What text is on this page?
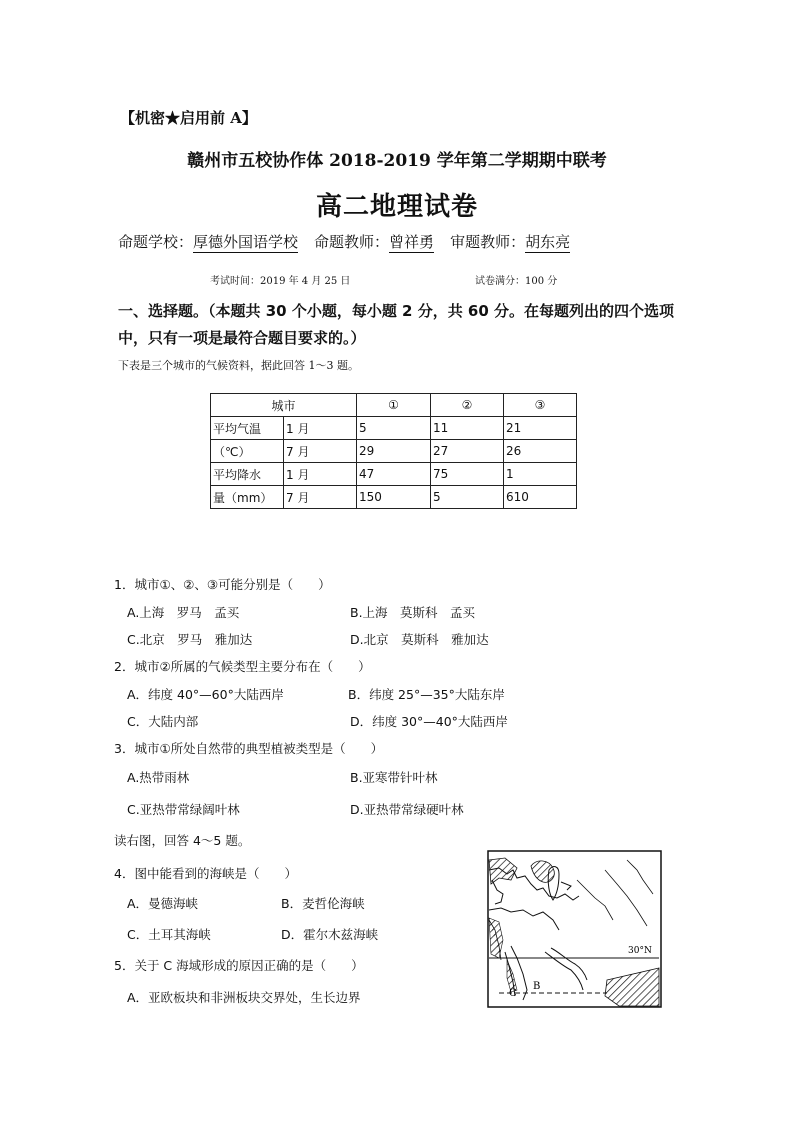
【机密★启用前 A】
赣州市五校协作体 2018-2019 学年第二学期期中联考
高二地理试卷
命题学校：厚德外国语学校 命题教师：曾祥勇 审题教师：胡东亮
考试时间：2019 年 4 月 25 日	试卷满分：100 分
一、选择题。（本题共 30 个小题，每小题 2 分，共 60 分。在每题列出的四个选项中，只有一项是最符合题目要求的。）
下表是三个城市的气候资料，据此回答 1～3 题。
城市		①	②	③
平均气温	1 月	5	11	21
（℃）	7 月	29	27	26
平均降水	1 月	47	75	1
量（mm）	7 月	150	5	610
1．城市①、②、③可能分别是（　　）
A.上海　罗马　孟买	B.上海　莫斯科　孟买
C.北京　罗马　雅加达	D.北京　莫斯科　雅加达
2．城市②所属的气候类型主要分布在（　　）
A．纬度 40°—60°大陆西岸	B．纬度 25°—35°大陆东岸
C．大陆内部	D．纬度 30°—40°大陆西岸
3．城市①所处自然带的典型植被类型是（　　）
A.热带雨林	B.亚寒带针叶林
C.亚热带常绿阔叶林	D.亚热带常绿硬叶林
读右图，回答 4～5 题。
4．图中能看到的海峡是（　　）
A．曼德海峡	B．麦哲伦海峡
C．土耳其海峡	D．霍尔木兹海峡
5．关于 C 海域形成的原因正确的是（　　）
A．亚欧板块和非洲板块交界处，生长边界
B
C
30°N
